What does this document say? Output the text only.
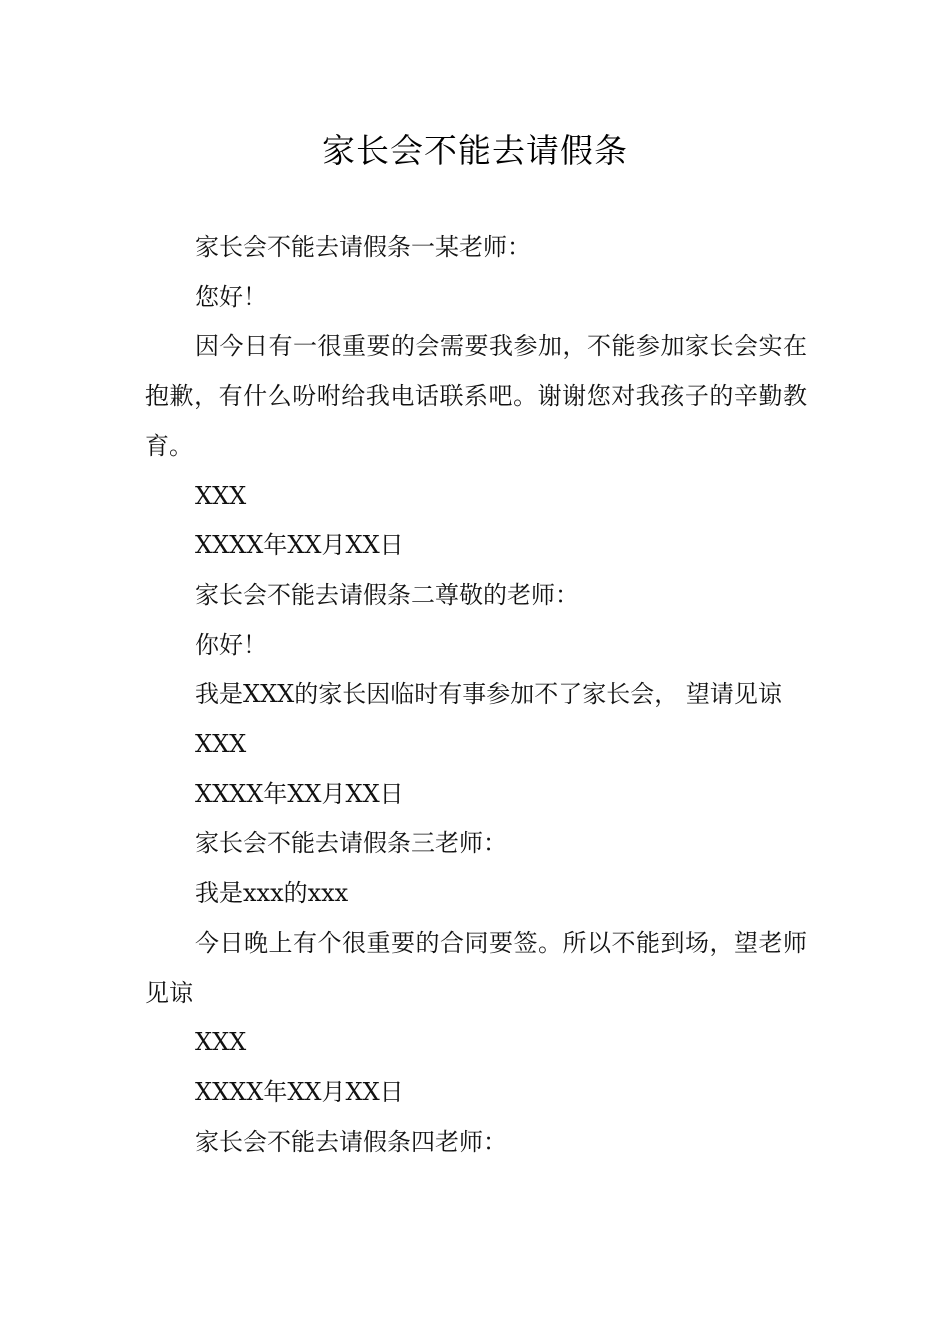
家长会不能去请假条

家长会不能去请假条一某老师：

您好！

因今日有一很重要的会需要我参加，不能参加家长会实在抱歉，有什么吩咐给我电话联系吧。谢谢您对我孩子的辛勤教育。

XXX

XXXX年XX月XX日

家长会不能去请假条二尊敬的老师：

你好！

我是XXX的家长因临时有事参加不了家长会， 望请见谅

XXX

XXXX年XX月XX日

家长会不能去请假条三老师：

我是xxx的xxx

今日晚上有个很重要的合同要签。所以不能到场，望老师见谅

XXX

XXXX年XX月XX日

家长会不能去请假条四老师：
